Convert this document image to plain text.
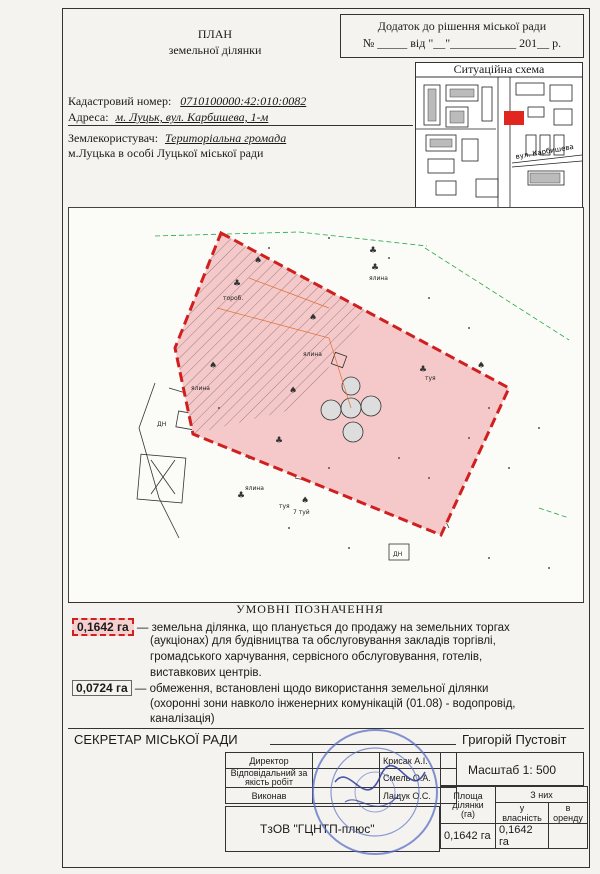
ПЛАН
земельної ділянки
Додаток до рішення міської ради
№ _____ від "__"___________ 201__ р.
вул. Карбишева
Ситуаційна схема
Кадастровий номер: 0710100000:42:010:0082
Адреса: м. Луцьк, вул. Карбишева, 1-м
Землекористувач: Територіальна громада
м.Луцька в особі Луцької міської ради
♠
♣
♣
♠
♠
♣
♠
♣
♠
♣
♠
♣
ДН
ДН
тороб.
ялина
туя
ялина
туя
ялина
ялина
7 туй
УМОВНІ ПОЗНАЧЕННЯ
0,1642 га — земельна ділянка, що планується до продажу на земельних торгах
(аукціонах) для будівництва та обслуговування закладів торгівлі,
громадського харчування, сервісного обслуговування, готелів,
виставкових центрів.
0,0724 га — обмеження, встановлені щодо використання земельної ділянки
(охоронні зони навколо інженерних комунікацій (01.08) - водопровід,
каналізація)
СЕКРЕТАР МІСЬКОЇ РАДИ	Григорій Пустовіт
Директор		Крисак А.І.
Відповідальний за
якість робіт		Смель О.А.
Виконав		Лащук О.С.
Масштаб 1: 500
Площа
ділянки
(га)	З них	
	у власність	в оренду
0,1642 га	0,1642 га	
ТзОВ "ГЦНТП-плюс"
